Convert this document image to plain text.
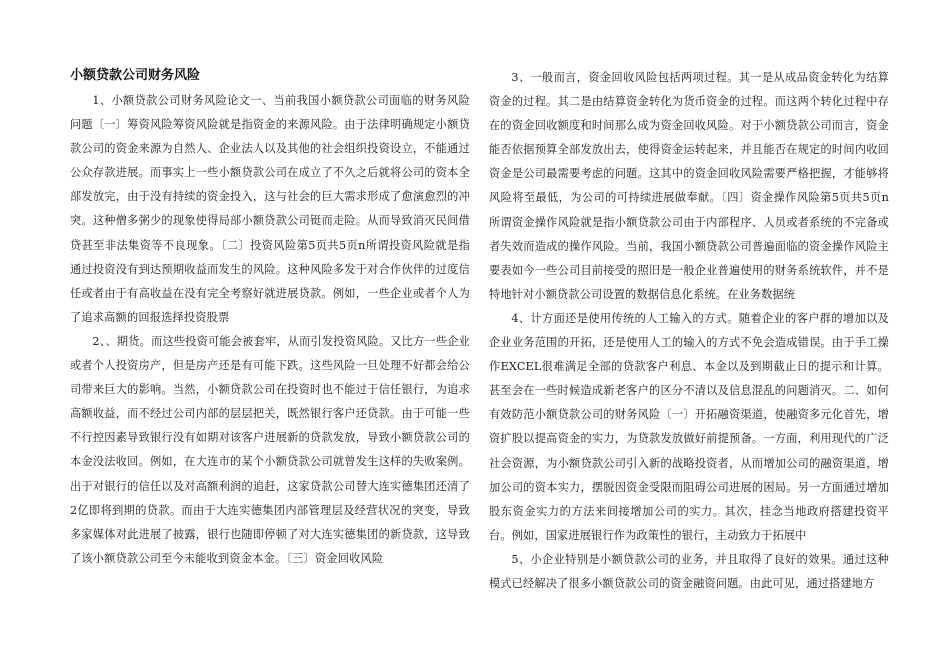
小额贷款公司财务风险

1、小额贷款公司财务风险论文一、当前我国小额贷款公司面临的财务风险问题〔一〕筹资风险筹资风险就是指资金的来源风险。由于法律明确规定小额贷款公司的资金来源为自然人、企业法人以及其他的社会组织投资设立，不能通过公众存款进展。而事实上一些小额贷款公司在成立了不久之后就将公司的资本全部发放完，由于没有持续的资金投入，这与社会的巨大需求形成了愈演愈烈的冲突。这种僧多粥少的现象使得局部小额贷款公司铤而走险。从而导致消灭民间借贷甚至非法集资等不良现象。〔二〕投资风险第5页共5页n所谓投资风险就是指通过投资没有到达预期收益而发生的风险。这种风险多发于对合作伙伴的过度信任或者由于有高收益在没有完全考察好就进展贷款。例如，一些企业或者个人为了追求高额的回报选择投资股票

2、、期货。而这些投资可能会被套牢，从而引发投资风险。又比方一些企业或者个人投资房产，但是房产还是有可能下跌。这些风险一旦处理不好都会给公司带来巨大的影响。当然，小额贷款公司在投资时也不能过于信任银行，为追求高额收益，而不经过公司内部的层层把关，既然银行客户还贷款。由于可能一些不行控因素导致银行没有如期对该客户进展新的贷款发放，导致小额贷款公司的本金没法收回。例如，在大连市的某个小额贷款公司就曾发生这样的失败案例。出于对银行的信任以及对高额利润的追赶，这家贷款公司替大连实德集团还清了2亿即将到期的贷款。而由于大连实德集团内部管理层及经营状况的突变，导致多家媒体对此进展了披露，银行也随即停顿了对大连实德集团的新贷款，这导致了该小额贷款公司至今未能收到资金本金。〔三〕资金回收风险

3、一般而言，资金回收风险包括两项过程。其一是从成品资金转化为结算资金的过程。其二是由结算资金转化为货币资金的过程。而这两个转化过程中存在的资金回收额度和时间那么成为资金回收风险。对于小额贷款公司而言，资金能否依据预算全部发放出去，使得资金运转起来，并且能否在规定的时间内收回资金是公司最需要考虑的问题。这其中的资金回收风险需要严格把握，才能够将风险将至最低，为公司的可持续进展做奉献。〔四〕资金操作风险第5页共5页n所谓资金操作风险就是指小额贷款公司由于内部程序、人员或者系统的不完备或者失效而造成的操作风险。当前，我国小额贷款公司普遍面临的资金操作风险主要表如今一些公司目前接受的照旧是一般企业普遍使用的财务系统软件，并不是特地针对小额贷款公司设置的数据信息化系统。在业务数据统

4、计方面还是使用传统的人工输入的方式。随着企业的客户群的增加以及企业业务范围的开拓，还是使用人工的输入的方式不免会造成错误。由于手工操作EXCEL很难满足全部的贷款客户利息、本金以及到期截止日的提示和计算。甚至会在一些时候造成新老客户的区分不清以及信息混乱的问题消灭。二、如何有效防范小额贷款公司的财务风险〔一〕开拓融资渠道，使融资多元化首先，增资扩股以提高资金的实力，为贷款发放做好前提预备。一方面，利用现代的广泛社会资源，为小额贷款公司引入新的战略投资者，从而增加公司的融资渠道，增加公司的资本实力，摆脱因资金受限而阻碍公司进展的困局。另一方面通过增加股东资金实力的方法来间接增加公司的实力。其次，挂念当地政府搭建投资平台。例如，国家进展银行作为政策性的银行，主动致力于拓展中

5、小企业特别是小额贷款公司的业务，并且取得了良好的效果。通过这种模式已经解决了很多小额贷款公司的资金融资问题。由此可见，通过搭建地方
